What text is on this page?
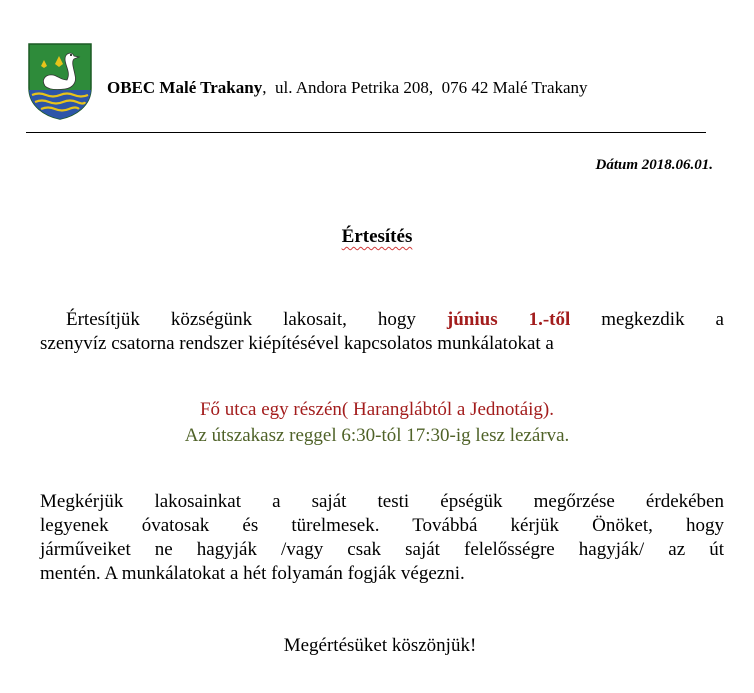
OBEC Malé Trakany,  ul. Andora Petrika 208,  076 42 Malé Trakany
Dátum 2018.06.01.
Értesítés
Értesítjük községünk lakosait, hogy június 1.-től megkezdik a
szenyvíz csatorna rendszer kiépítésével kapcsolatos munkálatokat a
Fő utca egy részén( Haranglábtól a Jednotáig).
Az útszakasz reggel 6:30-tól 17:30-ig lesz lezárva.
Megkérjük lakosainkat a saját testi épségük megőrzése érdekében
legyenek óvatosak és türelmesek. Továbbá kérjük Önöket, hogy
járműveiket ne hagyják /vagy csak saját felelősségre hagyják/ az út
mentén. A munkálatokat a hét folyamán fogják végezni.
Megértésüket köszönjük!
